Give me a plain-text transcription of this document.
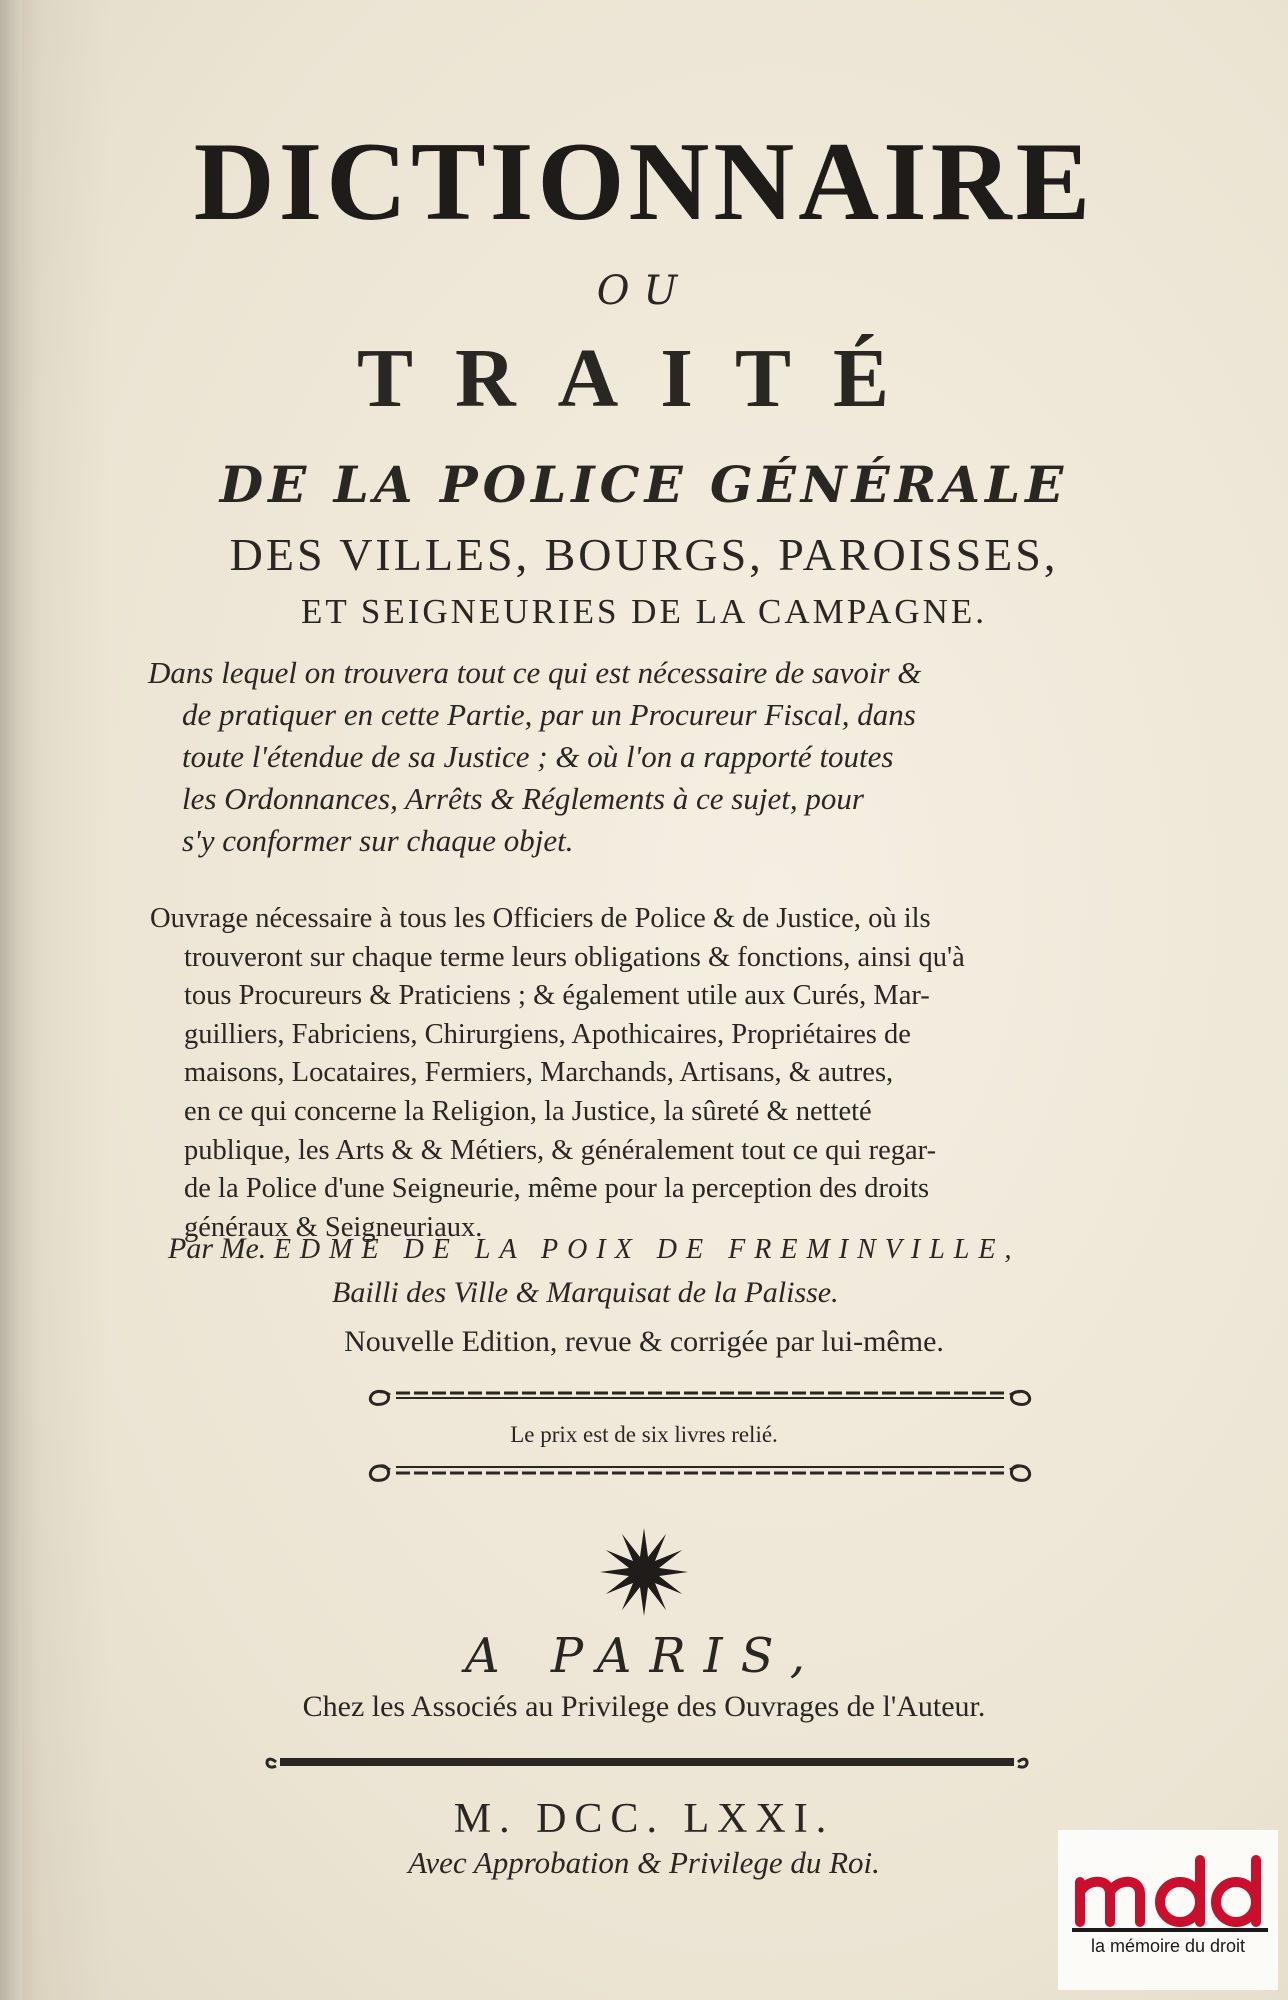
DICTIONNAIRE
OU
TRAITÉ
DE LA POLICE GÉNÉRALE
DES VILLES, BOURGS, PAROISSES,
ET SEIGNEURIES DE LA CAMPAGNE.
Dans lequel on trouvera tout ce qui est nécessaire de savoir &
de pratiquer en cette Partie, par un Procureur Fiscal, dans
toute l'étendue de sa Justice ; & où l'on a rapporté toutes
les Ordonnances, Arrêts & Réglements à ce sujet, pour
s'y conformer sur chaque objet.
Ouvrage nécessaire à tous les Officiers de Police & de Justice, où ils
trouveront sur chaque terme leurs obligations & fonctions, ainsi qu'à
tous Procureurs & Praticiens ; & également utile aux Curés, Mar-
guilliers, Fabriciens, Chirurgiens, Apothicaires, Propriétaires de
maisons, Locataires, Fermiers, Marchands, Artisans, & autres,
en ce qui concerne la Religion, la Justice, la sûreté & netteté
publique, les Arts & & Métiers, & généralement tout ce qui regar-
de la Police d'une Seigneurie, même pour la perception des droits
généraux & Seigneuriaux.
Par Me. EDME DE LA POIX DE FREMINVILLE,
Bailli des Ville & Marquisat de la Palisse.
Nouvelle Edition, revue & corrigée par lui-même.
Le prix est de six livres relié.
A PARIS,
Chez les Associés au Privilege des Ouvrages de l'Auteur.
M. DCC. LXXI.
Avec Approbation & Privilege du Roi.
la mémoire du droit
